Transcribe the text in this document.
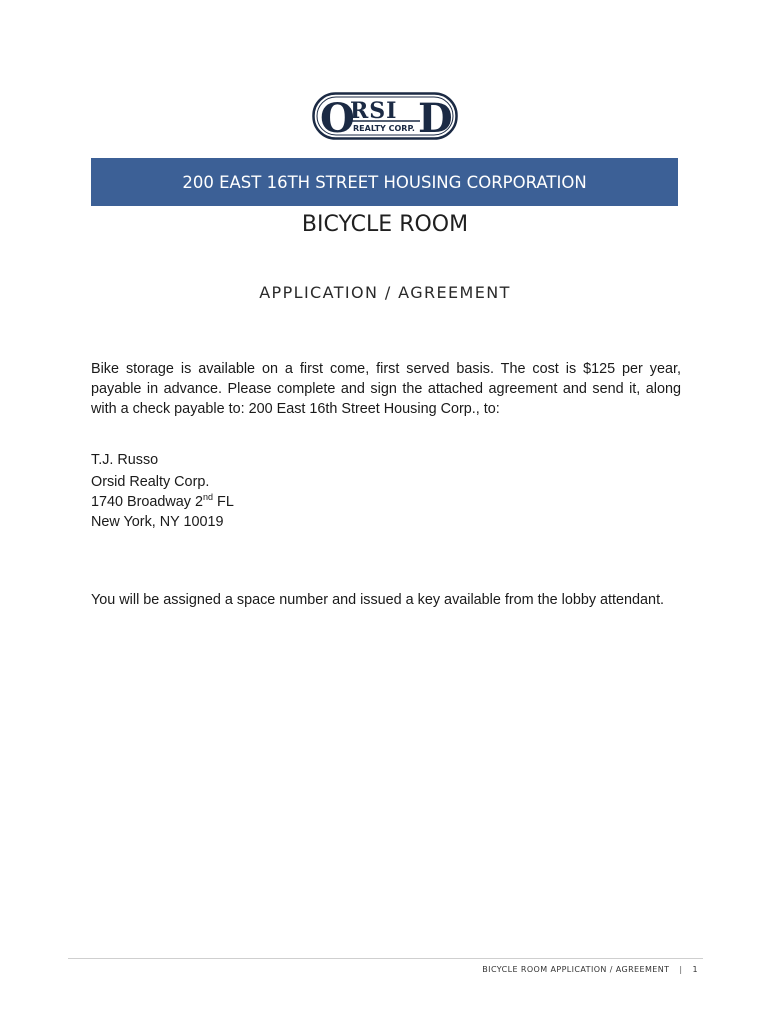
O
RSI
REALTY CORP. D
200 EAST 16TH STREET HOUSING CORPORATION
BICYCLE ROOM
APPLICATION / AGREEMENT

Bike storage is available on a first come, first served basis. The cost is $125 per year, payable in advance. Please complete and sign the attached agreement and send it, along with a check payable to: 200 East 16th Street Housing Corp., to:

T.J. Russo
Orsid Realty Corp.
1740 Broadway 2nd FL
New York, NY 10019

You will be assigned a space number and issued a key available from the lobby attendant.

BICYCLE ROOM APPLICATION / AGREEMENT | 1
